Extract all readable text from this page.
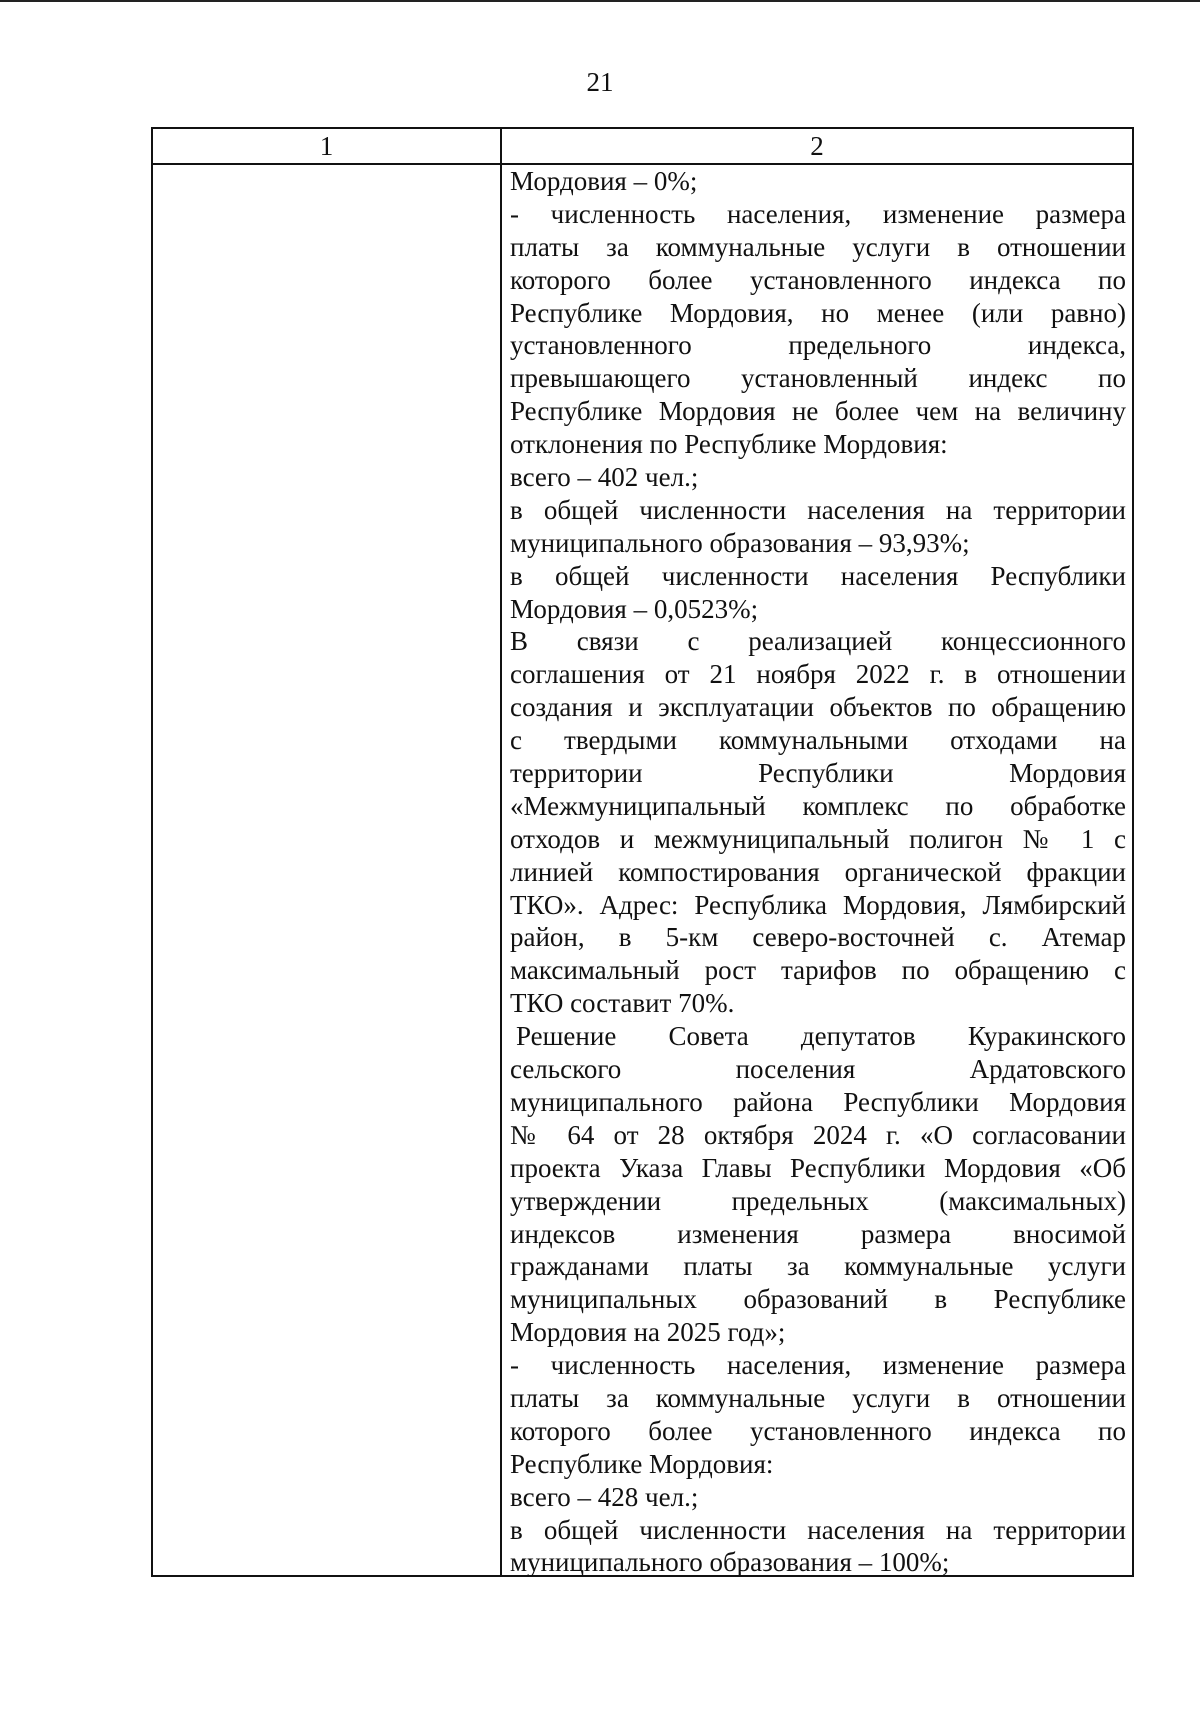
21
1	2
Мордовия – 0%;
- численность населения, изменение размера
платы за коммунальные услуги в отношении
которого более установленного индекса по
Республике Мордовия, но менее (или равно)
установленного предельного индекса,
превышающего установленный индекс по
Республике Мордовия не более чем на величину
отклонения по Республике Мордовия:
всего – 402 чел.;
в общей численности населения на территории
муниципального образования – 93,93%;
в общей численности населения Республики
Мордовия – 0,0523%;
В связи с реализацией концессионного
соглашения от 21 ноября 2022 г. в отношении
создания и эксплуатации объектов по обращению
с твердыми коммунальными отходами на
территории Республики Мордовия
«Межмуниципальный комплекс по обработке
отходов и межмуниципальный полигон № 1 с
линией компостирования органической фракции
ТКО». Адрес: Республика Мордовия, Лямбирский
район, в 5-км северо-восточней с. Атемар
максимальный рост тарифов по обращению с
ТКО составит 70%.
Решение Совета депутатов Куракинского
сельского поселения Ардатовского
муниципального района Республики Мордовия
№ 64 от 28 октября 2024 г. «О согласовании
проекта Указа Главы Республики Мордовия «Об
утверждении предельных (максимальных)
индексов изменения размера вносимой
гражданами платы за коммунальные услуги
муниципальных образований в Республике
Мордовия на 2025 год»;
- численность населения, изменение размера
платы за коммунальные услуги в отношении
которого более установленного индекса по
Республике Мордовия:
всего – 428 чел.;
в общей численности населения на территории
муниципального образования – 100%;
